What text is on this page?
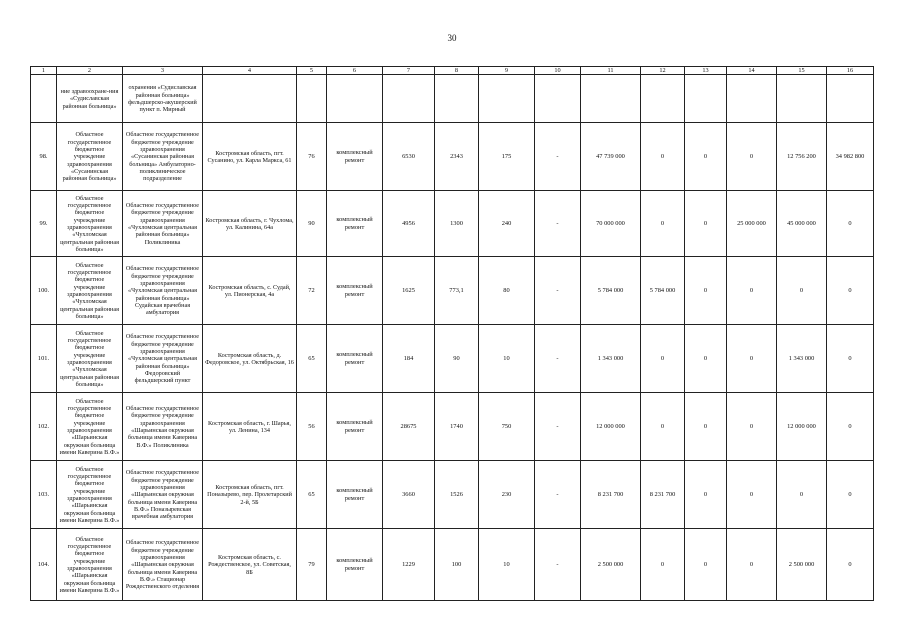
30
1	2	3	4	5	6	7	8	9	10	11	12	13	14	15	16
	ние здравоохране-ния «Судиславская районная больница»	охранения «Судиславская районная больница» фельдшерско-акушерский пункт п. Мирный													
98.	Областное государственное бюджетное учреждение здравоохранения «Сусанинская районная больница»	Областное государственное бюджетное учреждение здравоохранения «Сусанинская районная больница» Амбулаторно-поликлиническое подразделение	Костромская область, пгт. Сусанино, ул. Карла Маркса, 61	76	комплексный ремонт	6530	2343	175	-	47 739 000	0	0	0	12 756 200	34 982 800
99.	Областное государственное бюджетное учреждение здравоохранения «Чухломская центральная районная больница»	Областное государственное бюджетное учреждение здравоохранения «Чухломская центральная районная больница» Поликлиника	Костромская область, г. Чухлома, ул. Калинина, 64а	90	комплексный ремонт	4956	1300	240	-	70 000 000	0	0	25 000 000	45 000 000	0
100.	Областное государственное бюджетное учреждение здравоохранения «Чухломская центральная районная больница»	Областное государственное бюджетное учреждение здравоохранения «Чухломская центральная районная больница» Судайская врачебная амбулатория	Костромская область, с. Судай, ул. Пионерская, 4а	72	комплексный ремонт	1625	773,1	80	-	5 784 000	5 784 000	0	0	0	0
101.	Областное государственное бюджетное учреждение здравоохранения «Чухломская центральная районная больница»	Областное государственное бюджетное учреждение здравоохранения «Чухломская центральная районная больница» Федоровский фельдшерский пункт	Костромская область, д. Федоровское, ул. Октябрьская, 16	65	комплексный ремонт	184	90	10	-	1 343 000	0	0	0	1 343 000	0
102.	Областное государственное бюджетное учреждение здравоохранения «Шарьинская окружная больница имени Каверина В.Ф.»	Областное государственное бюджетное учреждение здравоохранения «Шарьинская окружная больница имени Каверина В.Ф.» Поликлиника	Костромская область, г. Шарья, ул. Ленина, 134	56	комплексный ремонт	28675	1740	750	-	12 000 000	0	0	0	12 000 000	0
103.	Областное государственное бюджетное учреждение здравоохранения «Шарьинская окружная больница имени Каверина В.Ф.»	Областное государственное бюджетное учреждение здравоохранения «Шарьинская окружная больница имени Каверина В.Ф.» Поназыревская врачебная амбулатория	Костромская область, пгт. Поназырево, пер. Пролетарский 2-й, 5Б	65	комплексный ремонт	3660	1526	230	-	8 231 700	8 231 700	0	0	0	0
104.	Областное государственное бюджетное учреждение здравоохранения «Шарьинская окружная больница имени Каверина В.Ф.»	Областное государственное бюджетное учреждение здравоохранения «Шарьинская окружная больница имени Каверина В.Ф.» Стационар Рождественского отделения	Костромская область, с. Рождественское, ул. Советская, 8Б	79	комплексный ремонт	1229	100	10	-	2 500 000	0	0	0	2 500 000	0
